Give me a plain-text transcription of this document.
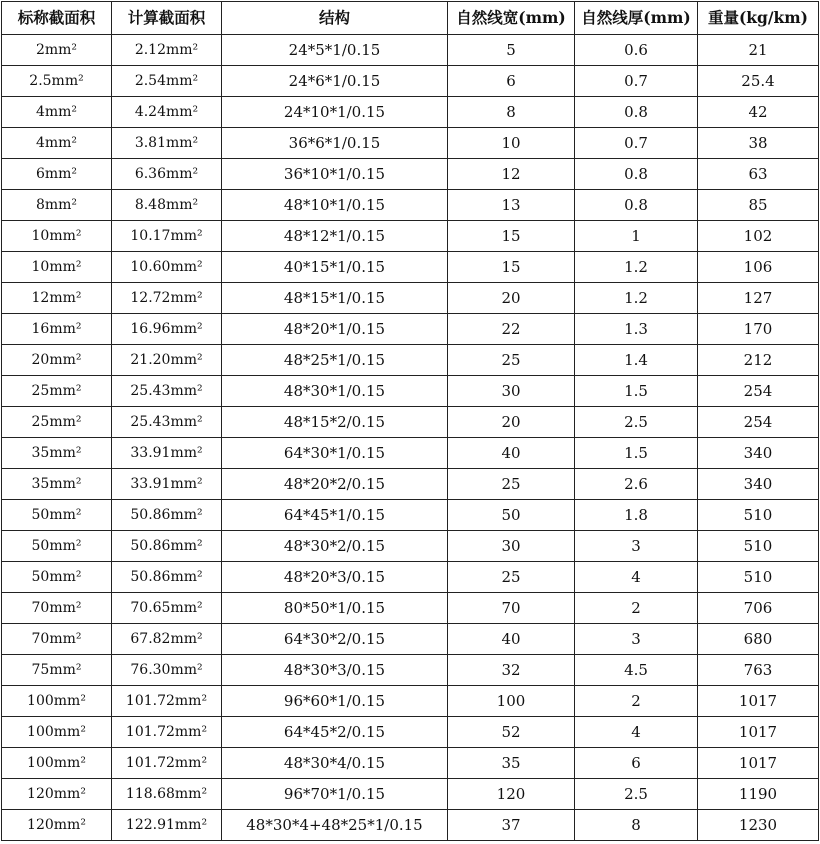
标称截面积	计算截面积	结构	自然线宽(mm)	自然线厚(mm)	重量(kg/km)
2mm²	2.12mm²	24*5*1/0.15	5	0.6	21
2.5mm²	2.54mm²	24*6*1/0.15	6	0.7	25.4
4mm²	4.24mm²	24*10*1/0.15	8	0.8	42
4mm²	3.81mm²	36*6*1/0.15	10	0.7	38
6mm²	6.36mm²	36*10*1/0.15	12	0.8	63
8mm²	8.48mm²	48*10*1/0.15	13	0.8	85
10mm²	10.17mm²	48*12*1/0.15	15	1	102
10mm²	10.60mm²	40*15*1/0.15	15	1.2	106
12mm²	12.72mm²	48*15*1/0.15	20	1.2	127
16mm²	16.96mm²	48*20*1/0.15	22	1.3	170
20mm²	21.20mm²	48*25*1/0.15	25	1.4	212
25mm²	25.43mm²	48*30*1/0.15	30	1.5	254
25mm²	25.43mm²	48*15*2/0.15	20	2.5	254
35mm²	33.91mm²	64*30*1/0.15	40	1.5	340
35mm²	33.91mm²	48*20*2/0.15	25	2.6	340
50mm²	50.86mm²	64*45*1/0.15	50	1.8	510
50mm²	50.86mm²	48*30*2/0.15	30	3	510
50mm²	50.86mm²	48*20*3/0.15	25	4	510
70mm²	70.65mm²	80*50*1/0.15	70	2	706
70mm²	67.82mm²	64*30*2/0.15	40	3	680
75mm²	76.30mm²	48*30*3/0.15	32	4.5	763
100mm²	101.72mm²	96*60*1/0.15	100	2	1017
100mm²	101.72mm²	64*45*2/0.15	52	4	1017
100mm²	101.72mm²	48*30*4/0.15	35	6	1017
120mm²	118.68mm²	96*70*1/0.15	120	2.5	1190
120mm²	122.91mm²	48*30*4+48*25*1/0.15	37	8	1230
